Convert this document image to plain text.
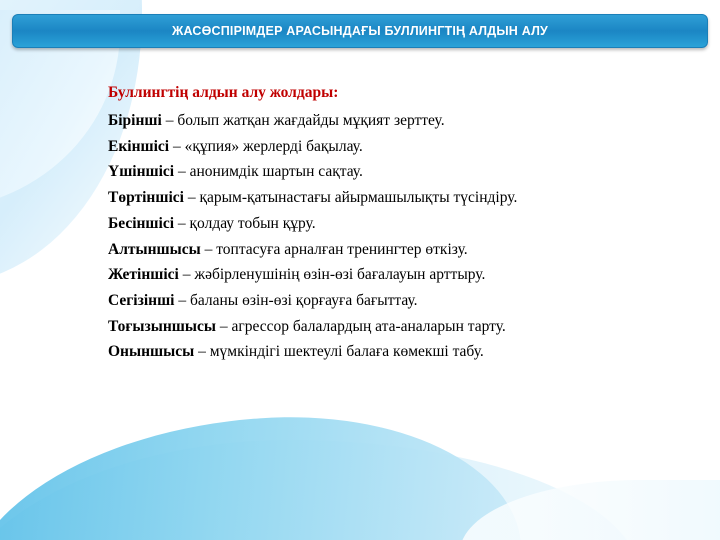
ЖАСӨСПІРІМДЕР АРАСЫНДАҒЫ БУЛЛИНГТІҢ АЛДЫН АЛУ

Буллингтің алдын алу жолдары:

Бірінші – болып жатқан жағдайды мұқият зерттеу.

Екіншісі – «құпия» жерлерді бақылау.

Үшіншісі – анонимдік шартын сақтау.

Төртіншісі – қарым-қатынастағы айырмашылықты түсіндіру.

Бесіншісі – қолдау тобын құру.

Алтыншысы – топтасуға арналған тренингтер өткізу.

Жетіншісі – жәбірленушінің өзін-өзі бағалауын арттыру.

Сегізінші – баланы өзін-өзі қорғауға бағыттау.

Тоғызыншысы – агрессор балалардың ата-аналарын тарту.

Оныншысы – мүмкіндігі шектеулі балаға көмекші табу.
